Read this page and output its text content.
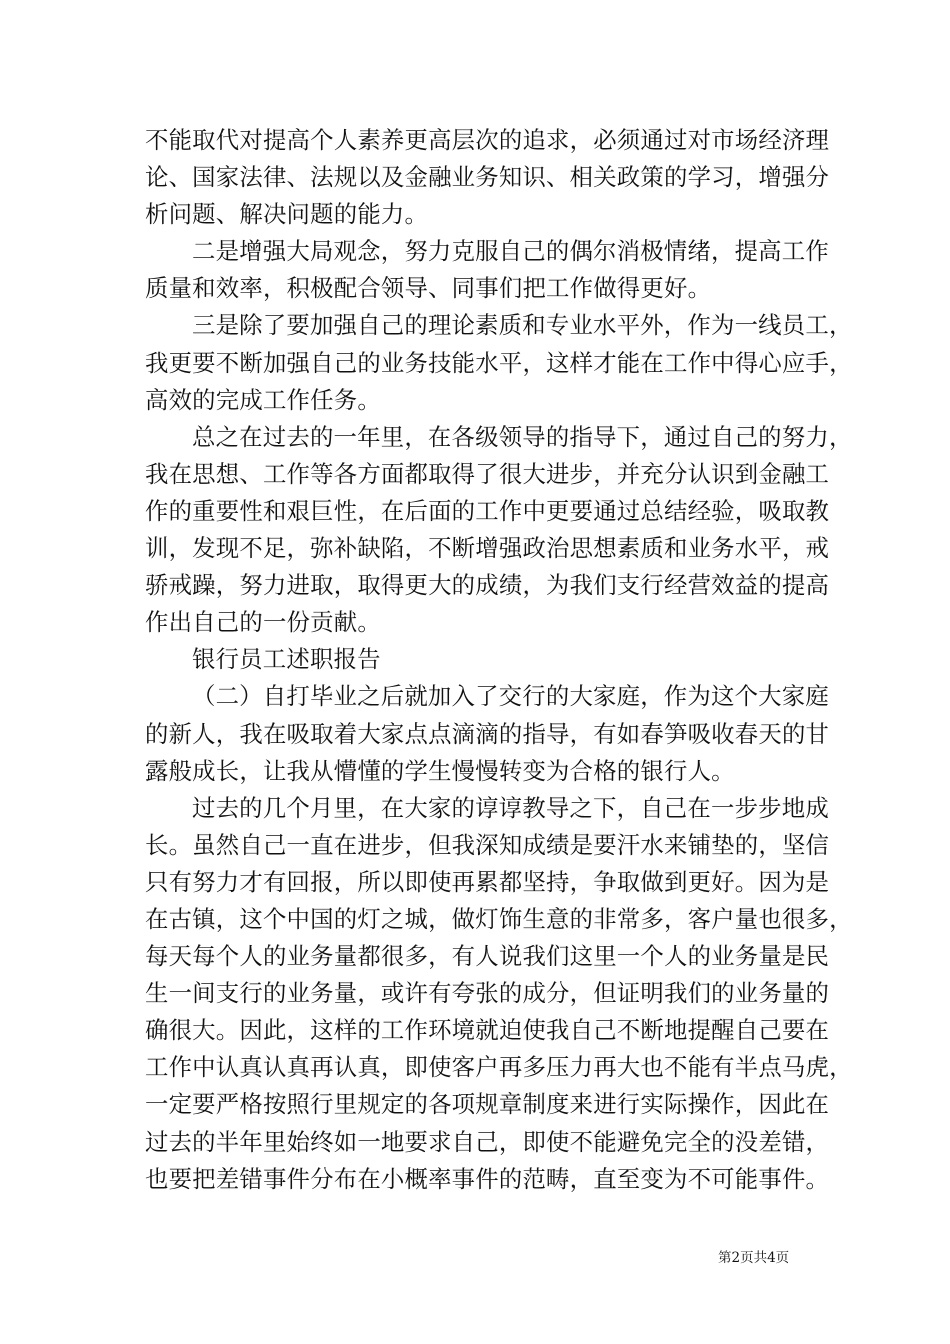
不能取代对提高个人素养更高层次的追求，必须通过对市场经济理
论、国家法律、法规以及金融业务知识、相关政策的学习，增强分
析问题、解决问题的能力。
二是增强大局观念，努力克服自己的偶尔消极情绪，提高工作
质量和效率，积极配合领导、同事们把工作做得更好。
三是除了要加强自己的理论素质和专业水平外，作为一线员工，
我更要不断加强自己的业务技能水平，这样才能在工作中得心应手，
高效的完成工作任务。
总之在过去的一年里，在各级领导的指导下，通过自己的努力，
我在思想、工作等各方面都取得了很大进步，并充分认识到金融工
作的重要性和艰巨性，在后面的工作中更要通过总结经验，吸取教
训，发现不足，弥补缺陷，不断增强政治思想素质和业务水平，戒
骄戒躁，努力进取，取得更大的成绩，为我们支行经营效益的提高
作出自己的一份贡献。
银行员工述职报告
（二）自打毕业之后就加入了交行的大家庭，作为这个大家庭
的新人，我在吸取着大家点点滴滴的指导，有如春笋吸收春天的甘
露般成长，让我从懵懂的学生慢慢转变为合格的银行人。
过去的几个月里，在大家的谆谆教导之下，自己在一步步地成
长。虽然自己一直在进步，但我深知成绩是要汗水来铺垫的，坚信
只有努力才有回报，所以即使再累都坚持，争取做到更好。因为是
在古镇，这个中国的灯之城，做灯饰生意的非常多，客户量也很多，
每天每个人的业务量都很多，有人说我们这里一个人的业务量是民
生一间支行的业务量，或许有夸张的成分，但证明我们的业务量的
确很大。因此，这样的工作环境就迫使我自己不断地提醒自己要在
工作中认真认真再认真，即使客户再多压力再大也不能有半点马虎，
一定要严格按照行里规定的各项规章制度来进行实际操作，因此在
过去的半年里始终如一地要求自己，即使不能避免完全的没差错，
也要把差错事件分布在小概率事件的范畴，直至变为不可能事件。
第2页共4页
